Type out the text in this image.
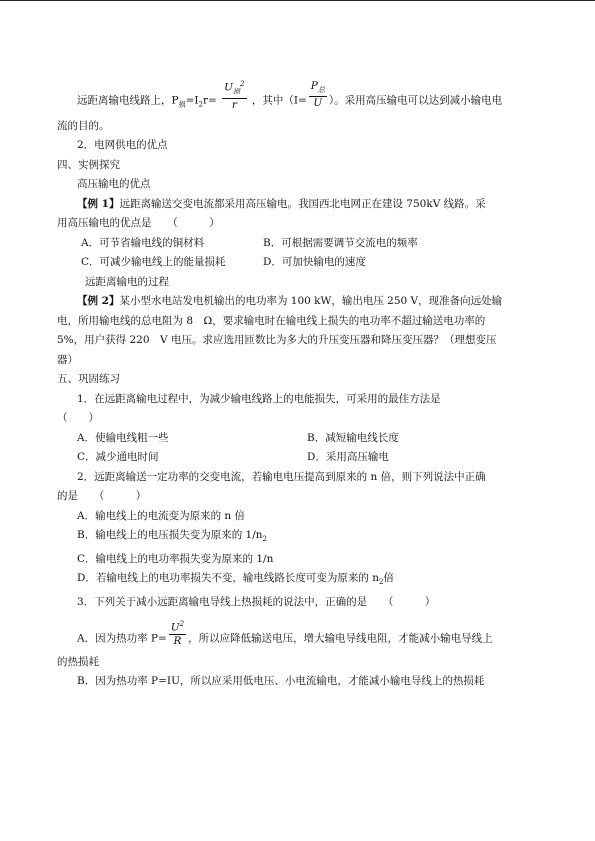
远距离输电线路上，$P_损=I_2r= \frac{U_损^2}{r}$ ，其中（$I= \frac{P_总}{U}$ ）。采用高压输电可以达到减小输电电
流的目的。
2．电网供电的优点
四、实例探究
高压输电的优点
【例 1】远距离输送交变电流都采用高压输电。我国西北电网正在建设 750kV 线路。采
用高压输电的优点是　　（　　　）
A．可节省输电线的铜材料	B．可根据需要调节交流电的频率
C．可减少输电线上的能量损耗	D．可加快输电的速度
远距离输电的过程
【例 2】某小型水电站发电机输出的电功率为 100 kW，输出电压 250 V，现准备向远处输
电，所用输电线的总电阻为 8　Ω，要求输电时在输电线上损失的电功率不超过输送电功率的
5%，用户获得 220　V 电压。求应选用匝数比为多大的升压变压器和降压变压器？（理想变压
器）
五、巩固练习
1．在远距离输电过程中，为减少输电线路上的电能损失，可采用的最佳方法是
（　　）
A．使输电线粗一些	B．减短输电线长度
C．减少通电时间	D．采用高压输电
2．远距离输送一定功率的交变电流，若输电电压提高到原来的 n 倍，则下列说法中正确
的是　　（　　　）
A．输电线上的电流变为原来的 n 倍
B．输电线上的电压损失变为原来的 $1/n_2$
C．输电线上的电功率损失变为原来的 1/n
D．若输电线上的电功率损失不变，输电线路长度可变为原来的 $n_2$倍
3．下列关于减小远距离输电导线上热损耗的说法中，正确的是　　（　　　）
A．因为热功率 $P= \frac{U^2}{R}$ ，所以应降低输送电压，增大输电导线电阻，才能减小输电导线上
的热损耗
B．因为热功率 P=IU，所以应采用低电压、小电流输电，才能减小输电导线上的热损耗
